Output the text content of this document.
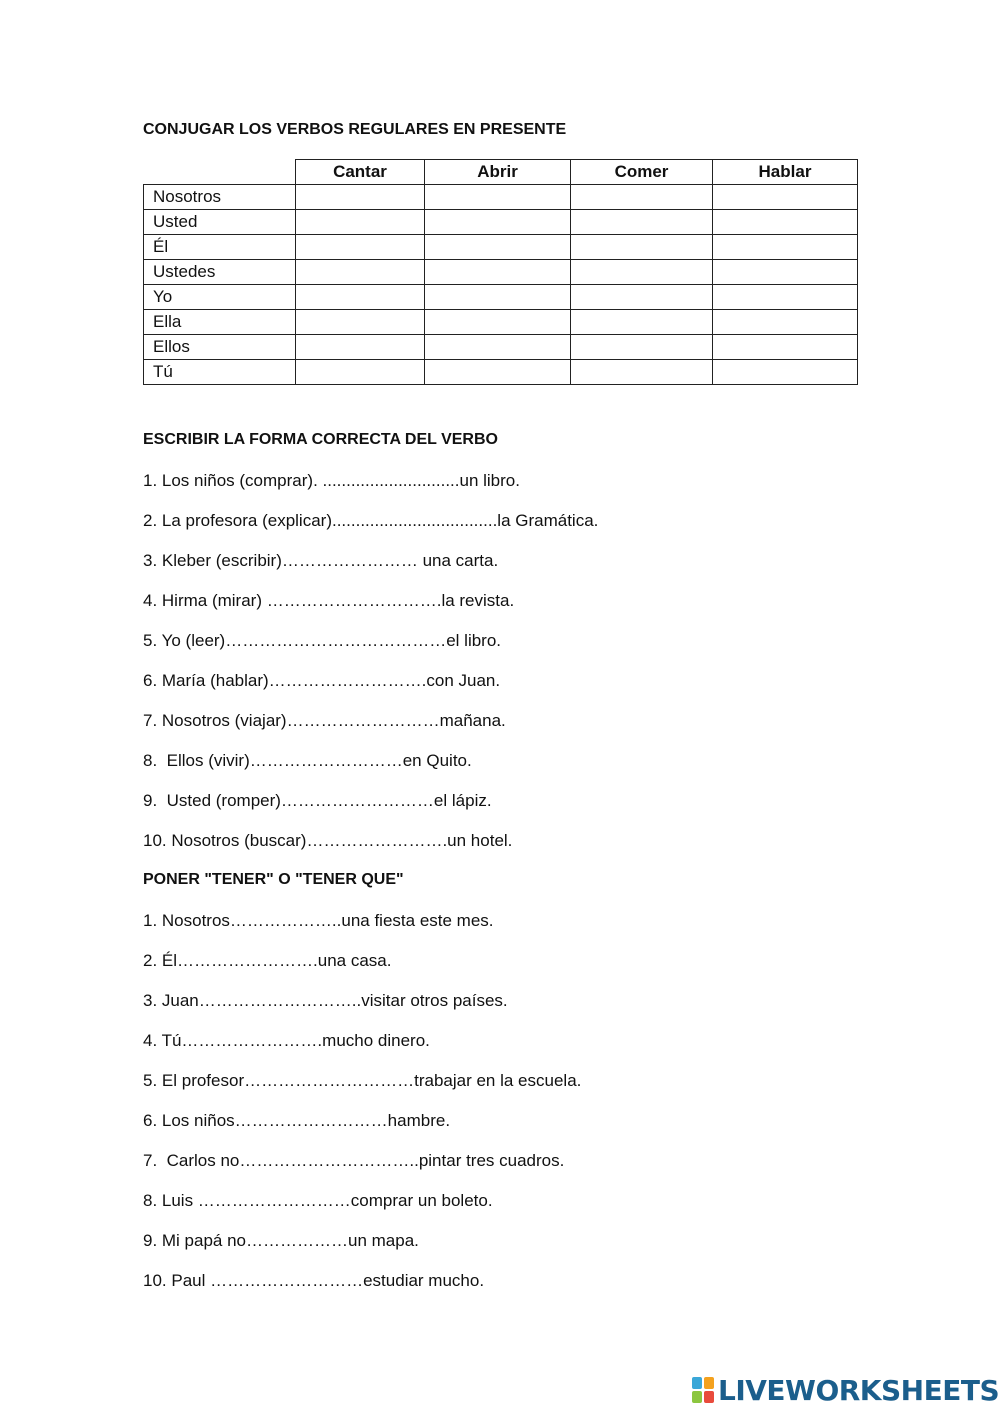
CONJUGAR LOS VERBOS REGULARES EN PRESENTE
	Cantar	Abrir	Comer	Hablar
Nosotros				
Usted				
Él				
Ustedes				
Yo				
Ella				
Ellos				
Tú				
ESCRIBIR LA FORMA CORRECTA DEL VERBO
1. Los niños (comprar). .............................un libro.
2. La profesora (explicar)...................................la Gramática.
3. Kleber (escribir)…………………… una carta.
4. Hirma (mirar) ………………………….la revista.
5. Yo (leer)…………………………………el libro.
6. María (hablar)……………………….con Juan.
7. Nosotros (viajar)………………………mañana.
8.  Ellos (vivir)………………………en Quito.
9.  Usted (romper)………………………el lápiz.
10. Nosotros (buscar)…………………….un hotel.
PONER "TENER" O "TENER QUE"
1. Nosotros………………..una fiesta este mes.
2. Él…………………….una casa.
3. Juan………………………..visitar otros países.
4. Tú…………………….mucho dinero.
5. El profesor…………………………trabajar en la escuela.
6. Los niños………………………hambre.
7.  Carlos no…………………………..pintar tres cuadros.
8. Luis ………………………comprar un boleto.
9. Mi papá no………………un mapa.
10. Paul ………………………estudiar mucho.
LIVEWORKSHEETS
